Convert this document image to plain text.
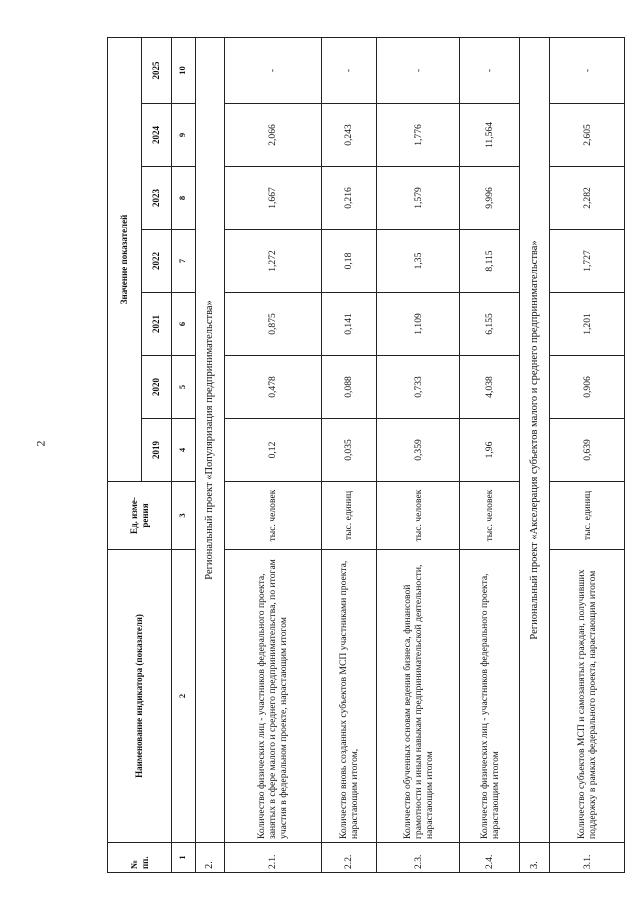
2
№ пп.	Наименование индикатора (показателя)	Ед. изме-рения	Значение показателей						
			2019	2020	2021	2022	2023	2024	2025
1	2	3	4	5	6	7	8	9	10
2.	Региональный проект «Популяризация предпринимательства»								
2.1.	Количество физических лиц - участников федерального проекта, занятых в сфере малого и среднего предпринимательства, по итогам участия в федеральном проекте, нарастающим итогом	тыс. человек	0,12	0,478	0,875	1,272	1,667	2,066	-
2.2.	Количество вновь созданных субъектов МСП участниками проекта, нарастающим итогом,	тыс. единиц	0,035	0,088	0,141	0,18	0,216	0,243	-
2.3.	Количество обученных основам ведения бизнеса, финансовой грамотности и иным навыкам предпринимательской деятельности, нарастающим итогом	тыс. человек	0,359	0,733	1,109	1,35	1,579	1,776	-
2.4.	Количество физических лиц - участников федерального проекта, нарастающим итогом	тыс. человек	1,96	4,038	6,155	8,115	9,996	11,564	-
3.	Региональный проект «Акселерация субъектов малого и среднего предпринимательства»								
3.1.	Количество субъектов МСП и самозанятых граждан, получивших поддержку в рамках федерального проекта, нарастающим итогом	тыс. единиц	0,639	0,906	1,201	1,727	2,282	2,605	-
